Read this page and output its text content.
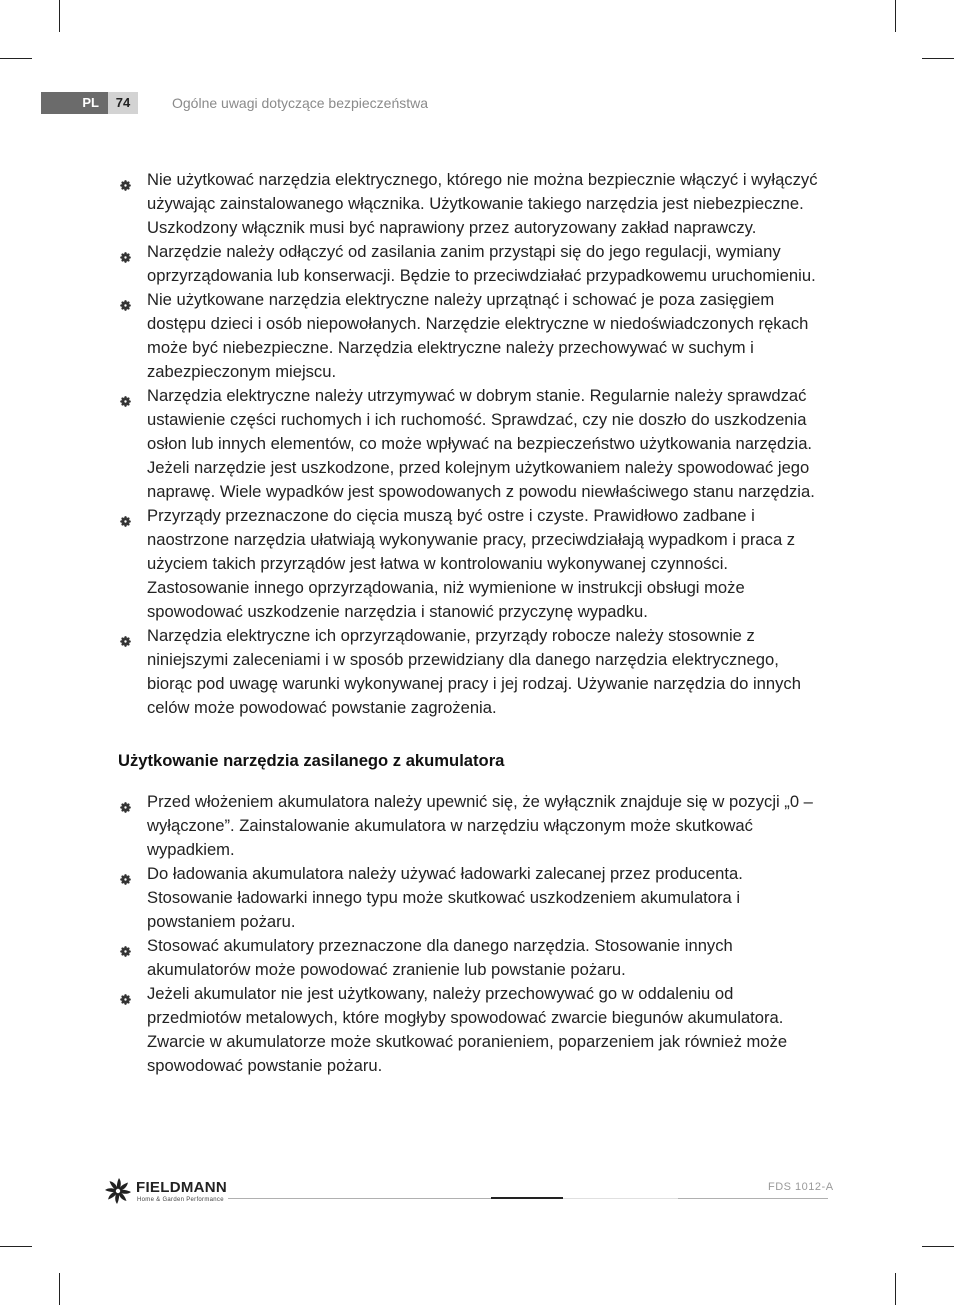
PL	74	Ogólne uwagi dotyczące bezpieczeństwa
Nie użytkować narzędzia elektrycznego, którego nie można bezpiecznie włączyć i wyłączyć używając zainstalowanego włącznika. Użytkowanie takiego narzędzia jest niebezpieczne. Uszkodzony włącznik musi być naprawiony przez autoryzowany zakład naprawczy.
Narzędzie należy odłączyć od zasilania zanim przystąpi się do jego regulacji, wymiany oprzyrządowania lub konserwacji. Będzie to przeciwdziałać przypadkowemu uruchomieniu.
Nie użytkowane narzędzia elektryczne należy uprzątnąć i schować je poza zasięgiem dostępu dzieci i osób niepowołanych. Narzędzie elektryczne w niedoświadczonych rękach może być niebezpieczne. Narzędzia elektryczne należy przechowywać w suchym i zabezpieczonym miejscu.
Narzędzia elektryczne należy utrzymywać w dobrym stanie. Regularnie należy sprawdzać ustawienie części ruchomych i ich ruchomość. Sprawdzać, czy nie doszło do uszkodzenia osłon lub innych elementów, co może wpływać na bezpieczeństwo użytkowania narzędzia. Jeżeli narzędzie jest uszkodzone, przed kolejnym użytkowaniem należy spowodować jego naprawę. Wiele wypadków jest spowodowanych z powodu niewłaściwego stanu narzędzia.
Przyrządy przeznaczone do cięcia muszą być ostre i czyste. Prawidłowo zadbane i naostrzone narzędzia ułatwiają wykonywanie pracy, przeciwdziałają wypadkom i praca z użyciem takich przyrządów jest łatwa w kontrolowaniu wykonywanej czynności. Zastosowanie innego oprzyrządowania, niż wymienione w instrukcji obsługi może spowodować uszkodzenie narzędzia i stanowić przyczynę wypadku.
Narzędzia elektryczne ich oprzyrządowanie, przyrządy robocze należy stosownie z niniejszymi zaleceniami i w sposób przewidziany dla danego narzędzia elektrycznego, biorąc pod uwagę warunki wykonywanej pracy i jej rodzaj. Używanie narzędzia do innych celów może powodować powstanie zagrożenia.
Użytkowanie narzędzia zasilanego z akumulatora
Przed włożeniem akumulatora należy upewnić się, że wyłącznik znajduje się w pozycji „0 – wyłączone”. Zainstalowanie akumulatora w narzędziu włączonym może skutkować wypadkiem.
Do ładowania akumulatora należy używać ładowarki zalecanej przez producenta. Stosowanie ładowarki innego typu może skutkować uszkodzeniem akumulatora i powstaniem pożaru.
Stosować akumulatory przeznaczone dla danego narzędzia. Stosowanie innych akumulatorów może powodować zranienie lub powstanie pożaru.
Jeżeli akumulator nie jest użytkowany, należy przechowywać go w oddaleniu od przedmiotów metalowych, które mogłyby spowodować zwarcie biegunów akumulatora. Zwarcie w akumulatorze może skutkować poranieniem, poparzeniem jak również może spowodować powstanie pożaru.
FIELDMANN
Home & Garden Performance
FDS 1012-A
